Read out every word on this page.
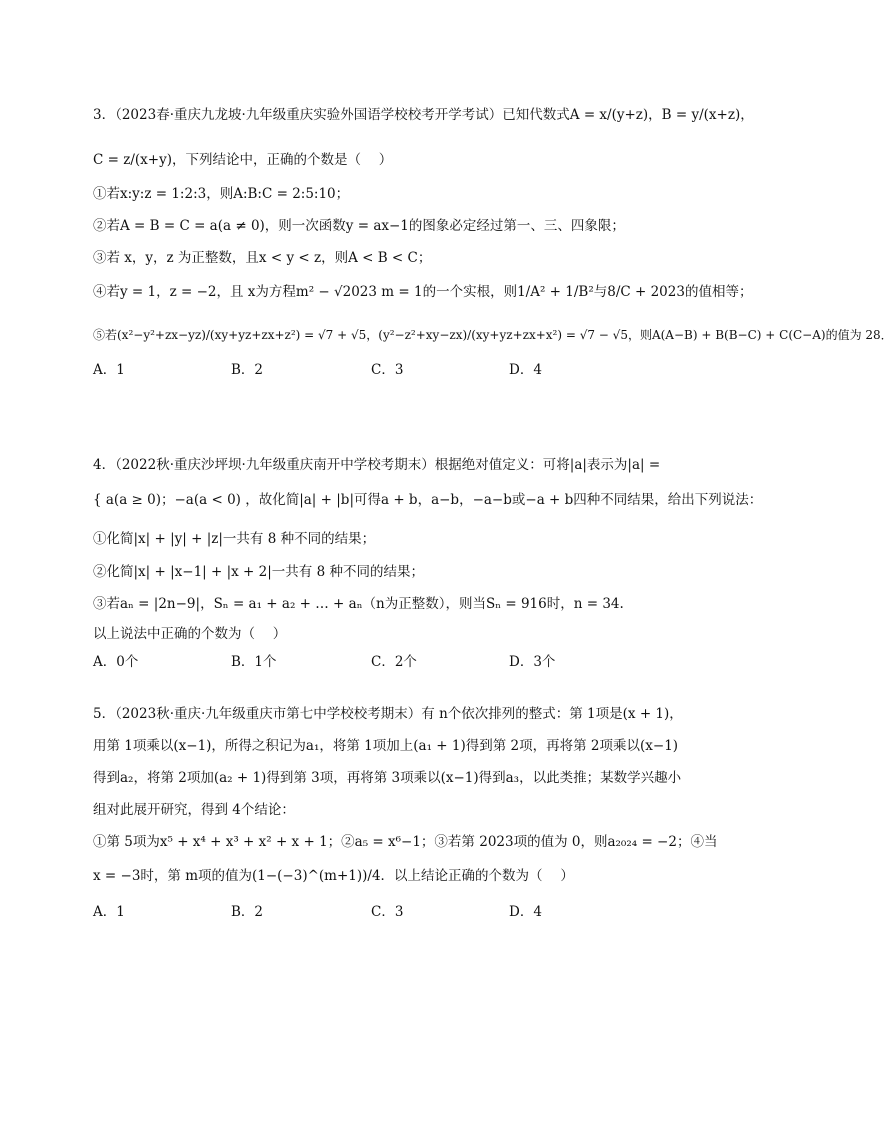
3．（2023春·重庆九龙坡·九年级重庆实验外国语学校校考开学考试）已知代数式A = x/(y+z)，B = y/(x+z)，
C = z/(x+y)，下列结论中，正确的个数是（　 ）
①若x:y:z = 1:2:3，则A:B:C = 2:5:10；
②若A = B = C = a(a ≠ 0)，则一次函数y = ax−1的图象必定经过第一、三、四象限；
③若 x，y，z 为正整数，且x < y < z，则A < B < C；
④若y = 1，z = −2，且 x为方程m² − √2023 m = 1的一个实根，则1/A² + 1/B²与8/C + 2023的值相等；
⑤若(x²−y²+zx−yz)/(xy+yz+zx+z²) = √7 + √5，(y²−z²+xy−zx)/(xy+yz+zx+x²) = √7 − √5，则A(A−B) + B(B−C) + C(C−A)的值为 28．
A．1	B．2	C．3	D．4
4．（2022秋·重庆沙坪坝·九年级重庆南开中学校考期末）根据绝对值定义：可将|a|表示为|a| =
{ a(a ≥ 0)；−a(a < 0) ，故化简|a| + |b|可得a + b，a−b，−a−b或−a + b四种不同结果，给出下列说法：
①化简|x| + |y| + |z|一共有 8 种不同的结果；
②化简|x| + |x−1| + |x + 2|一共有 8 种不同的结果；
③若aₙ = |2n−9|，Sₙ = a₁ + a₂ + … + aₙ（n为正整数），则当Sₙ = 916时，n = 34.
以上说法中正确的个数为（　 ）
A．0个	B．1个	C．2个	D．3个
5．（2023秋·重庆·九年级重庆市第七中学校校考期末）有 n个依次排列的整式：第 1项是(x + 1)，
用第 1项乘以(x−1)，所得之积记为a₁，将第 1项加上(a₁ + 1)得到第 2项，再将第 2项乘以(x−1)
得到a₂，将第 2项加(a₂ + 1)得到第 3项，再将第 3项乘以(x−1)得到a₃，以此类推；某数学兴趣小
组对此展开研究，得到 4个结论：
①第 5项为x⁵ + x⁴ + x³ + x² + x + 1；②a₅ = x⁶−1；③若第 2023项的值为 0，则a₂₀₂₄ = −2；④当
x = −3时，第 m项的值为(1−(−3)^(m+1))/4．以上结论正确的个数为（　 ）
A．1	B．2	C．3	D．4
